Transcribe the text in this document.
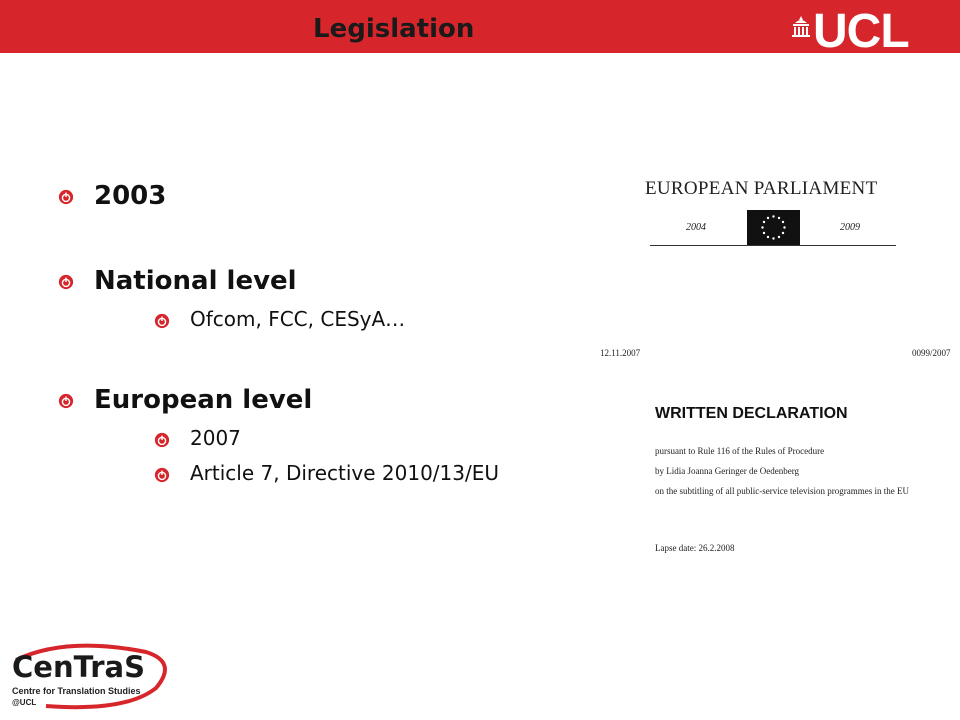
Legislation	UCL
2003
National level
Ofcom, FCC, CESyA…
European level
2007
Article 7, Directive 2010/13/EU
EUROPEAN PARLIAMENT
2004	2009
12.11.2007	0099/2007
WRITTEN DECLARATION
pursuant to Rule 116 of the Rules of Procedure
by Lidia Joanna Geringer de Oedenberg
on the subtitling of all public-service television programmes in the EU
Lapse date: 26.2.2008
CenTraS
Centre for Translation Studies
@UCL
